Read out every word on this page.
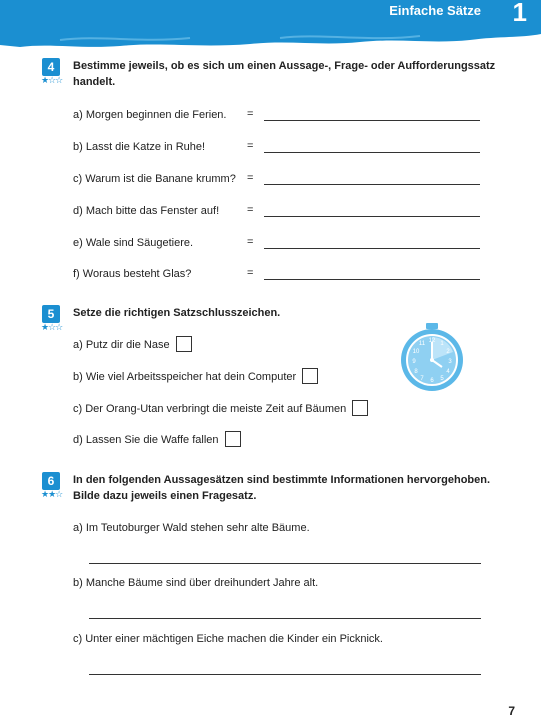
Einfache Sätze 1
4
★☆☆
Bestimme jeweils, ob es sich um einen Aussage-, Frage- oder Aufforderungssatz handelt.
a) Morgen beginnen die Ferien. =
b) Lasst die Katze in Ruhe!	=
c) Warum ist die Banane krumm? =
d) Mach bitte das Fenster auf!	=
e) Wale sind Säugetiere.	=
f) Woraus besteht Glas?	=
5
★☆☆
Setze die richtigen Satzschlusszeichen.
a) Putz dir die Nase
b) Wie viel Arbeitsspeicher hat dein Computer
c) Der Orang-Utan verbringt die meiste Zeit auf Bäumen
d) Lassen Sie die Waffe fallen
12
3
6
9
1
2
4
5
7
8
10
11
6
★★☆
In den folgenden Aussagesätzen sind bestimmte Informationen hervorgehoben. Bilde dazu jeweils einen Fragesatz.
a) Im Teutoburger Wald stehen sehr alte Bäume.
b) Manche Bäume sind über dreihundert Jahre alt.
c) Unter einer mächtigen Eiche machen die Kinder ein Picknick.
7
